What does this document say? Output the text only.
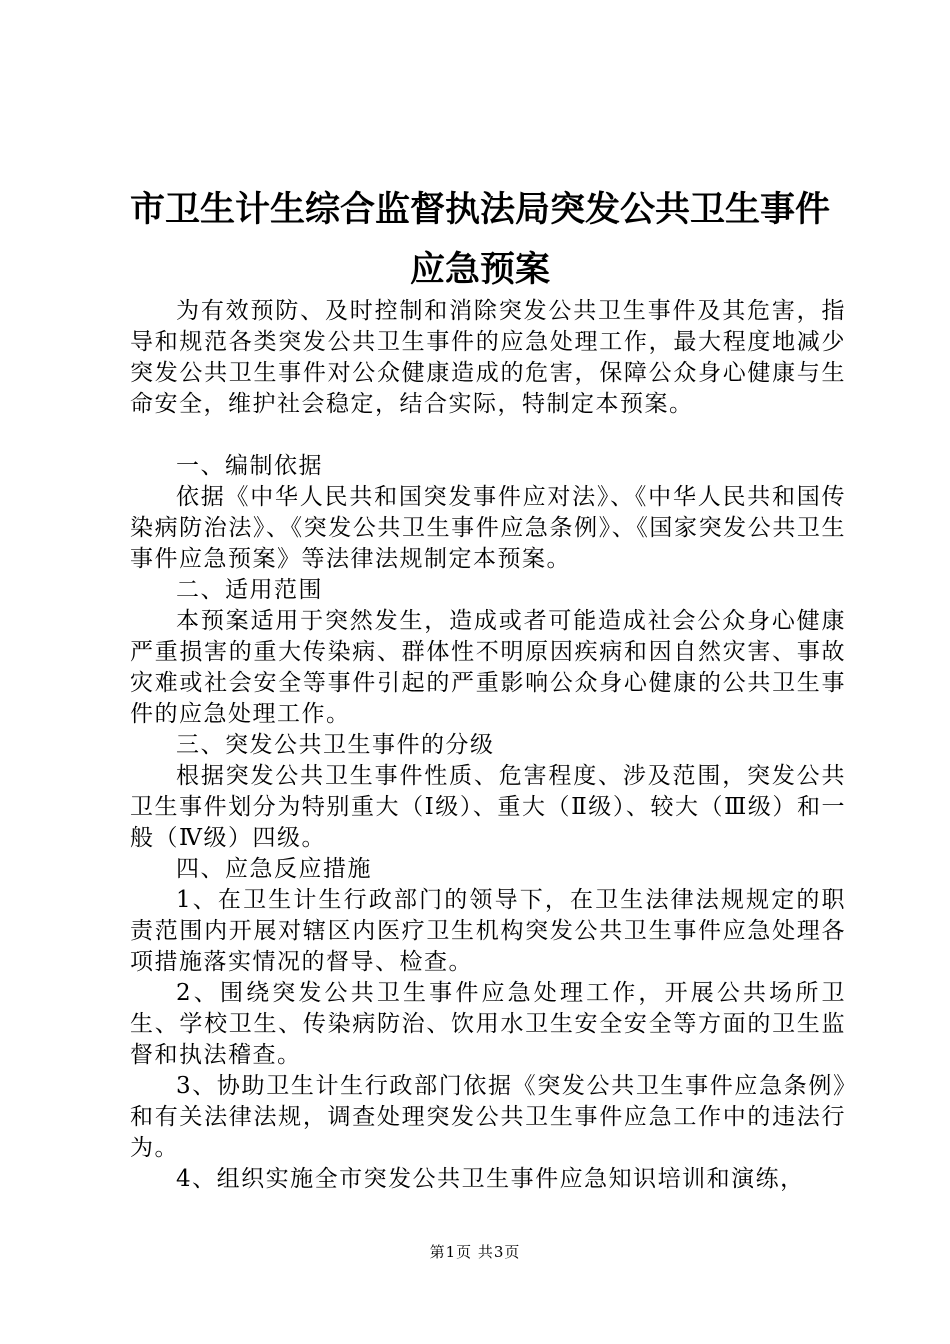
市卫生计生综合监督执法局突发公共卫生事件
应急预案

为有效预防、及时控制和消除突发公共卫生事件及其危害，指导和规范各类突发公共卫生事件的应急处理工作，最大程度地减少突发公共卫生事件对公众健康造成的危害，保障公众身心健康与生命安全，维护社会稳定，结合实际，特制定本预案。

一、编制依据

依据《中华人民共和国突发事件应对法》、《中华人民共和国传染病防治法》、《突发公共卫生事件应急条例》、《国家突发公共卫生事件应急预案》等法律法规制定本预案。

二、适用范围

本预案适用于突然发生，造成或者可能造成社会公众身心健康严重损害的重大传染病、群体性不明原因疾病和因自然灾害、事故灾难或社会安全等事件引起的严重影响公众身心健康的公共卫生事件的应急处理工作。

三、突发公共卫生事件的分级

根据突发公共卫生事件性质、危害程度、涉及范围，突发公共卫生事件划分为特别重大（Ⅰ级）、重大（Ⅱ级）、较大（Ⅲ级）和一般（Ⅳ级）四级。

四、应急反应措施

1、在卫生计生行政部门的领导下，在卫生法律法规规定的职责范围内开展对辖区内医疗卫生机构突发公共卫生事件应急处理各项措施落实情况的督导、检查。

2、围绕突发公共卫生事件应急处理工作，开展公共场所卫生、学校卫生、传染病防治、饮用水卫生安全安全等方面的卫生监督和执法稽查。

3、协助卫生计生行政部门依据《突发公共卫生事件应急条例》和有关法律法规，调查处理突发公共卫生事件应急工作中的违法行为。

4、组织实施全市突发公共卫生事件应急知识培训和演练，

第1页 共3页
